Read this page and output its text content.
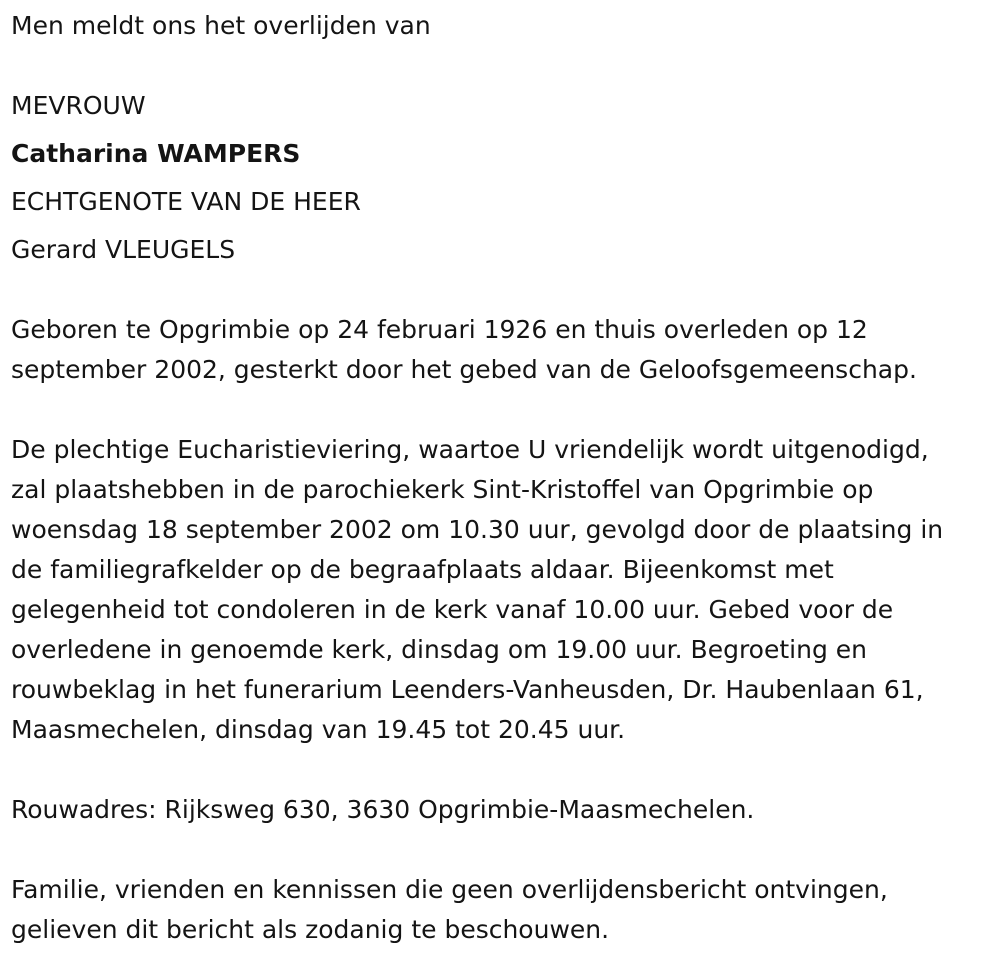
Men meldt ons het overlijden van
MEVROUW
Catharina WAMPERS
ECHTGENOTE VAN DE HEER
Gerard VLEUGELS
Geboren te Opgrimbie op 24 februari 1926 en thuis overleden op 12
september 2002, gesterkt door het gebed van de Geloofsgemeenschap.
De plechtige Eucharistieviering, waartoe U vriendelijk wordt uitgenodigd,
zal plaatshebben in de parochiekerk Sint-Kristoffel van Opgrimbie op
woensdag 18 september 2002 om 10.30 uur, gevolgd door de plaatsing in
de familiegrafkelder op de begraafplaats aldaar. Bijeenkomst met
gelegenheid tot condoleren in de kerk vanaf 10.00 uur. Gebed voor de
overledene in genoemde kerk, dinsdag om 19.00 uur. Begroeting en
rouwbeklag in het funerarium Leenders-Vanheusden, Dr. Haubenlaan 61,
Maasmechelen, dinsdag van 19.45 tot 20.45 uur.
Rouwadres: Rijksweg 630, 3630 Opgrimbie-Maasmechelen.
Familie, vrienden en kennissen die geen overlijdensbericht ontvingen,
gelieven dit bericht als zodanig te beschouwen.
